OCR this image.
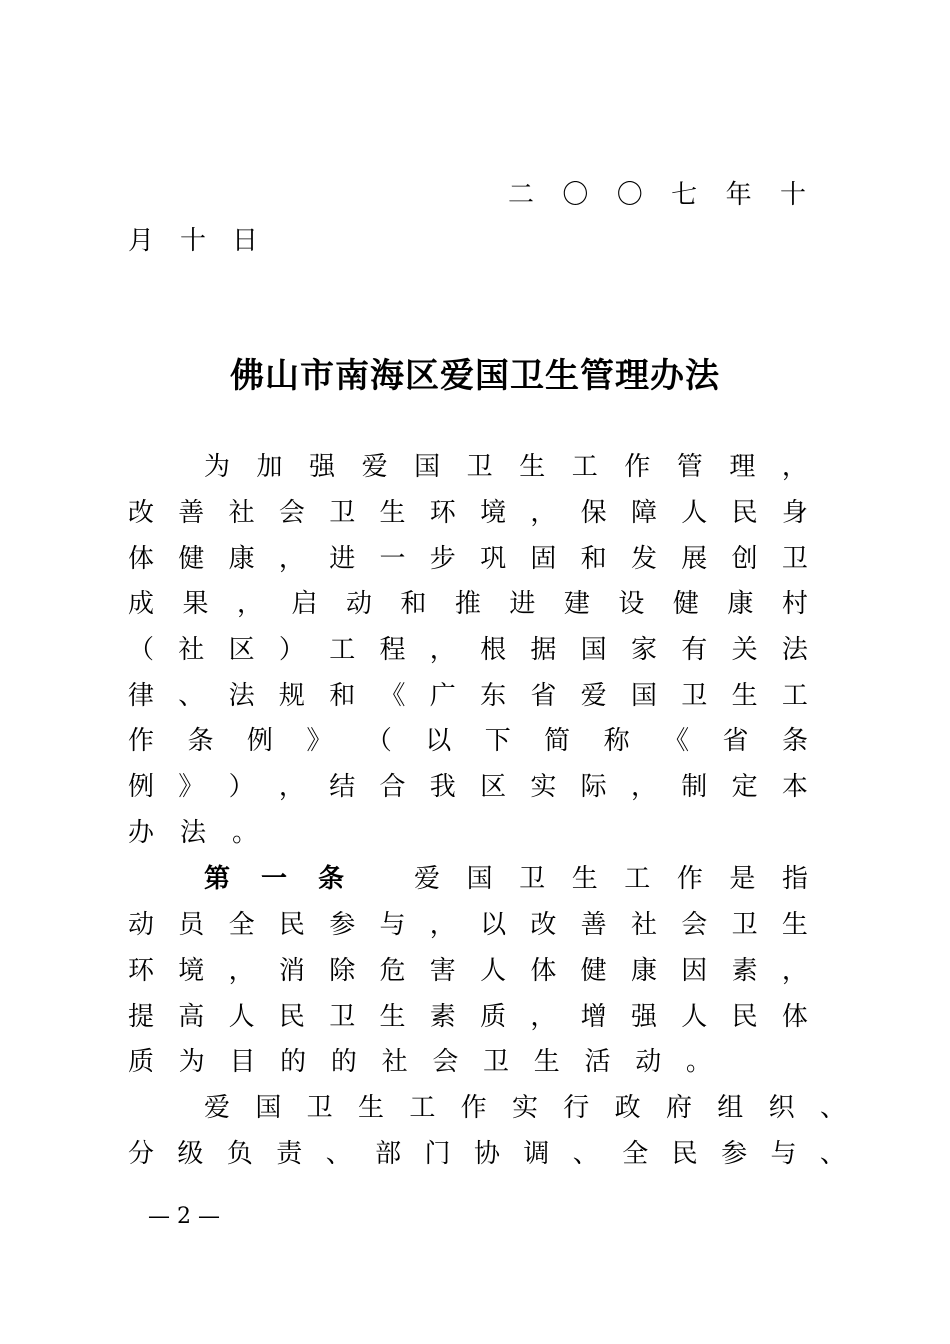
二 〇 〇 七 年 十
月 十 日
佛山市南海区爱国卫生管理办法
为 加 强 爱 国 卫 生 工 作 管 理 ，
改 善 社 会 卫 生 环 境 ， 保 障 人 民 身
体 健 康 ， 进 一 步 巩 固 和 发 展 创 卫
成 果 ， 启 动 和 推 进 建 设 健 康 村
（ 社 区 ） 工 程 ， 根 据 国 家 有 关 法
律 、 法 规 和 《 广 东 省 爱 国 卫 生 工
作 条 例 》 （ 以 下 简 称 《 省 条
例 》 ） ， 结 合 我 区 实 际 ， 制 定 本
办 法 。
第 一 条	爱 国 卫 生 工 作 是 指
动 员 全 民 参 与 ， 以 改 善 社 会 卫 生
环 境 ， 消 除 危 害 人 体 健 康 因 素 ，
提 高 人 民 卫 生 素 质 ， 增 强 人 民 体
质 为 目 的 的 社 会 卫 生 活 动 。
爱 国 卫 生 工 作 实 行 政 府 组 织 、
分 级 负 责 、 部 门 协 调 、 全 民 参 与 、
— 2 —
